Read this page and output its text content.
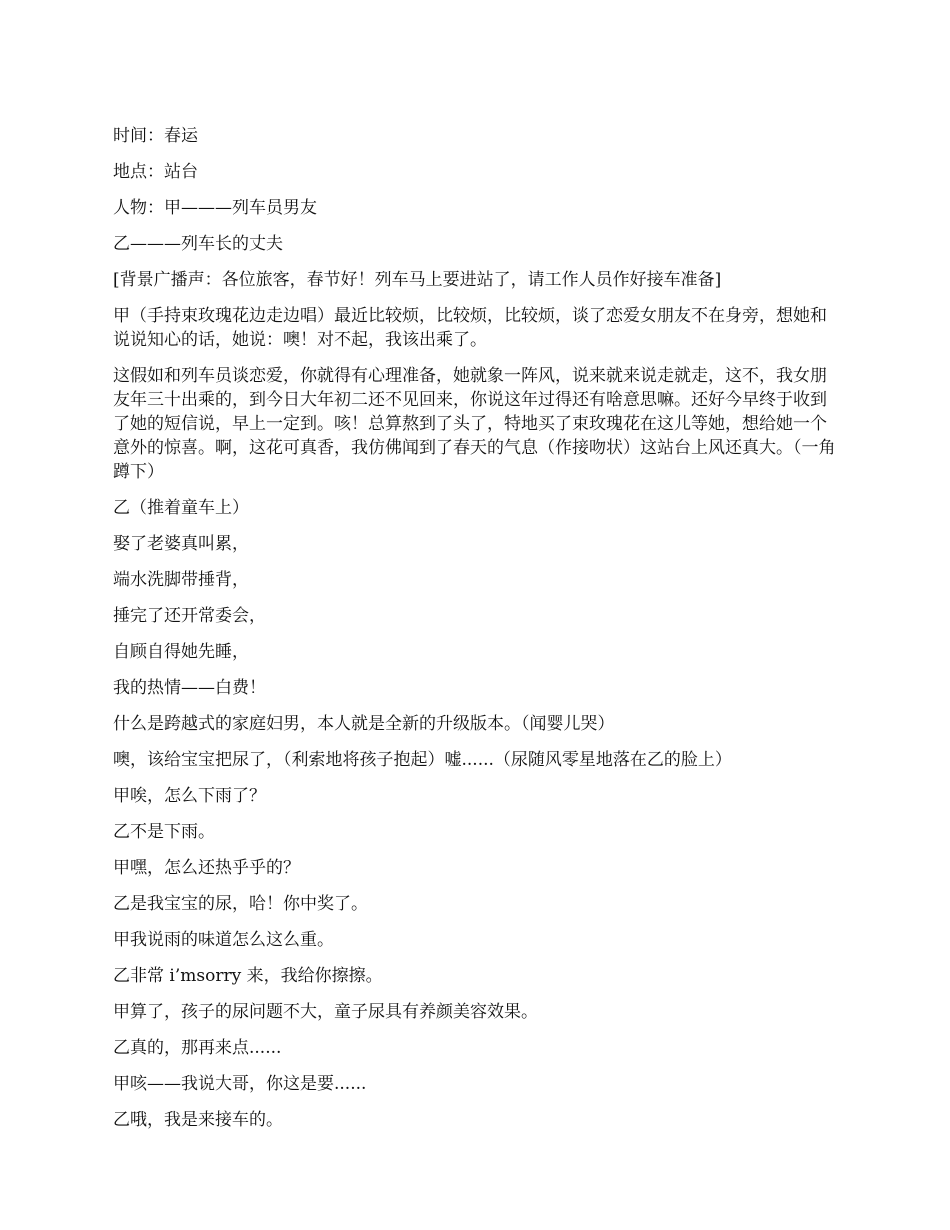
时间：春运

地点：站台

人物：甲———列车员男友

乙———列车长的丈夫

[背景广播声：各位旅客，春节好！列车马上要进站了，请工作人员作好接车准备]

甲（手持束玫瑰花边走边唱）最近比较烦，比较烦，比较烦，谈了恋爱女朋友不在身旁，想她和说说知心的话，她说：噢！对不起，我该出乘了。

这假如和列车员谈恋爱，你就得有心理准备，她就象一阵风，说来就来说走就走，这不，我女朋友年三十出乘的，到今日大年初二还不见回来，你说这年过得还有啥意思嘛。还好今早终于收到了她的短信说，早上一定到。咳！总算熬到了头了，特地买了束玫瑰花在这儿等她，想给她一个意外的惊喜。啊，这花可真香，我仿佛闻到了春天的气息（作接吻状）这站台上风还真大。（一角蹲下）

乙（推着童车上）

娶了老婆真叫累，

端水洗脚带捶背，

捶完了还开常委会，

自顾自得她先睡，

我的热情——白费！

什么是跨越式的家庭妇男，本人就是全新的升级版本。（闻婴儿哭）

噢，该给宝宝把尿了，（利索地将孩子抱起）嘘......（尿随风零星地落在乙的脸上）

甲唉，怎么下雨了？

乙不是下雨。

甲嘿，怎么还热乎乎的？

乙是我宝宝的尿，哈！你中奖了。

甲我说雨的味道怎么这么重。

乙非常 i’msorry 来，我给你擦擦。

甲算了，孩子的尿问题不大，童子尿具有养颜美容效果。

乙真的，那再来点......

甲咳——我说大哥，你这是要......

乙哦，我是来接车的。
